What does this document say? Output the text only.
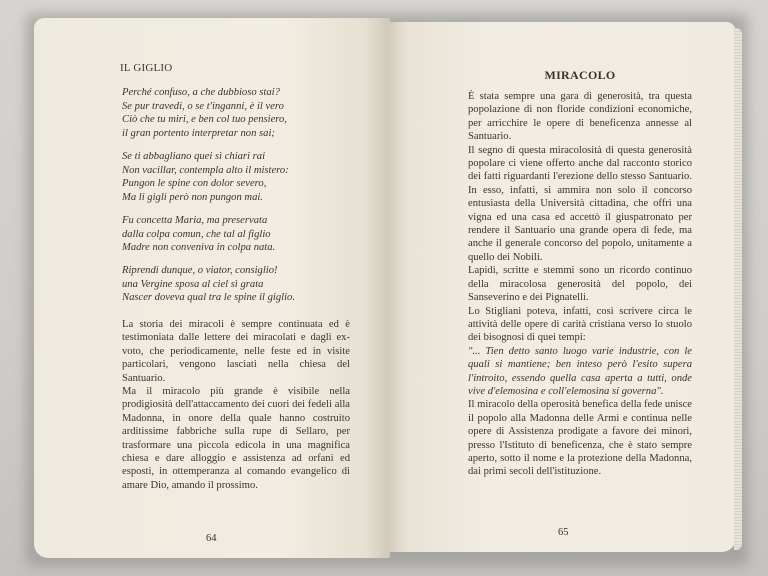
IL GIGLIO
Perché confuso, a che dubbioso stai?
Se pur travedi, o se t'inganni, è il vero
Ciò che tu miri, e ben col tuo pensiero,
il gran portento interpretar non sai;
Se ti abbagliano quei sì chiari rai
Non vacillar, contempla alto il mistero:
Pungon le spine con dolor severo,
Ma li gigli però non pungon mai.
Fu concetta Maria, ma preservata
dalla colpa comun, che tal al figlio
Madre non conveniva in colpa nata.
Riprendi dunque, o viator, consiglio!
una Vergine sposa al ciel sì grata
Nascer doveva qual tra le spine il giglio.

La storia dei miracoli è sempre continuata ed è testimoniata dalle lettere dei miracolati e dagli ex-voto, che periodicamente, nelle feste ed in visite particolari, vengono lasciati nella chiesa del Santuario.

Ma il miracolo più grande è visibile nella prodigiosità dell'attaccamento dei cuori dei fedeli alla Madonna, in onore della quale hanno costruito arditissime fabbriche sulla rupe di Sellaro, per trasformare una piccola edicola in una magnifica chiesa e dare alloggio e assistenza ad orfani ed esposti, in ottemperanza al comando evangelico di amare Dio, amando il prossimo.

64
MIRACOLO

È stata sempre una gara di generosità, tra questa popolazione di non floride condizioni economiche, per arricchire le opere di beneficenza annesse al Santuario.

Il segno di questa miracolosità di questa generosità popolare ci viene offerto anche dal racconto storico dei fatti riguardanti l'erezione dello stesso Santuario. In esso, infatti, si ammira non solo il concorso entusiasta della Università cittadina, che offrì una vigna ed una casa ed accettò il giuspatronato per rendere il Santuario una grande opera di fede, ma anche il generale concorso del popolo, unitamente a quello dei Nobili.

Lapidi, scritte e stemmi sono un ricordo continuo della miracolosa generosità del popolo, dei Sanseverino e dei Pignatelli.

Lo Stigliani poteva, infatti, così scrivere circa le attività delle opere di carità cristiana verso lo stuolo dei bisognosi di quei tempi:

"... Tien detto santo luogo varie industrie, con le quali si mantiene; ben inteso però l'esito supera l'introito, essendo quella casa aperta a tutti, onde vive d'elemosina e coll'elemosina si governa".

Il miracolo della operosità benefica della fede unisce il popolo alla Madonna delle Armi e continua nelle opere di Assistenza prodigate a favore dei minori, presso l'Istituto di beneficenza, che è stato sempre aperto, sotto il nome e la protezione della Madonna, dai primi secoli dell'istituzione.

65
